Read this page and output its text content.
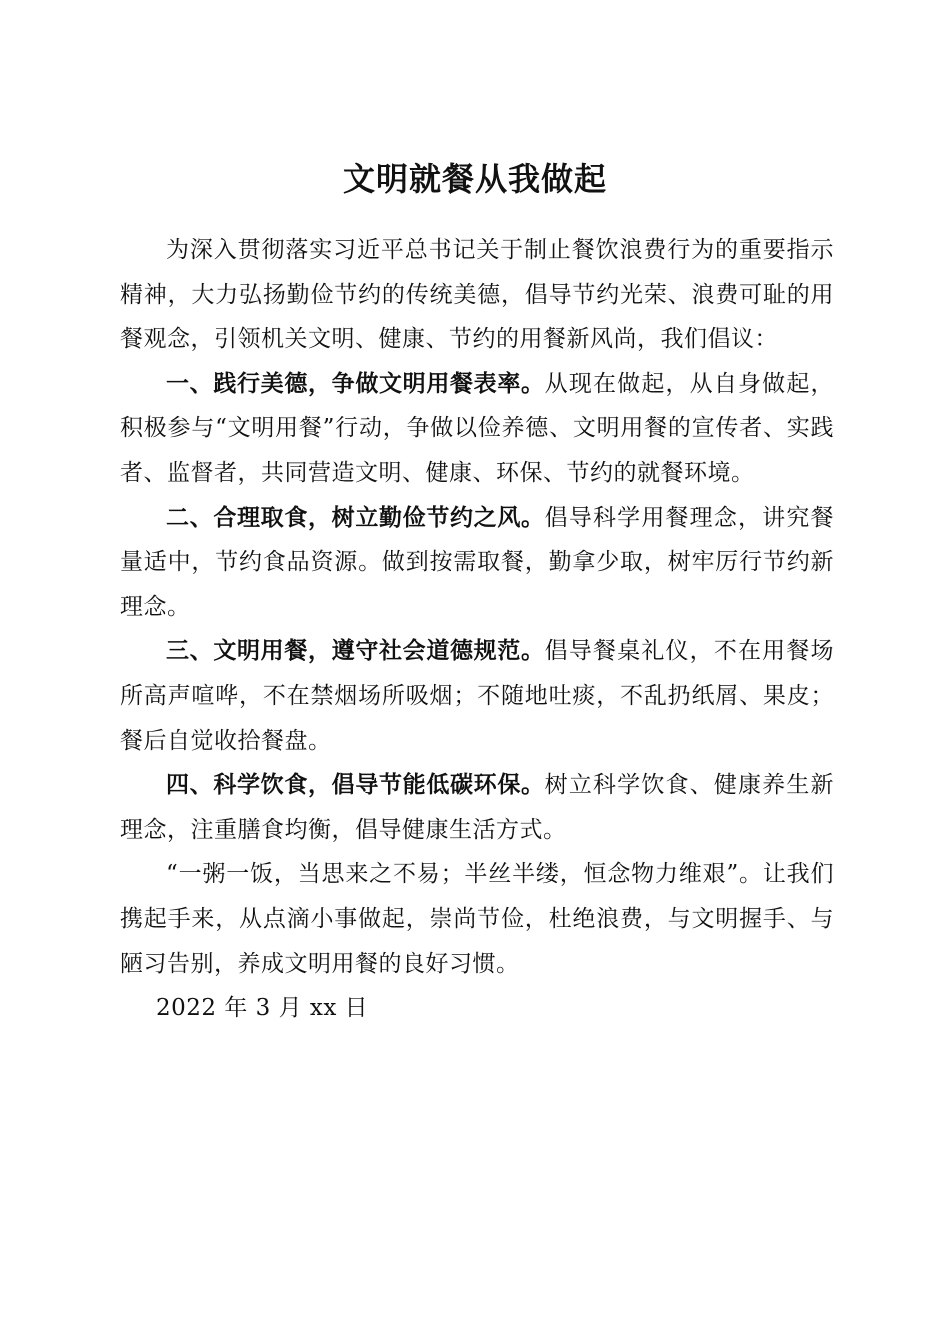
文明就餐从我做起

为深入贯彻落实习近平总书记关于制止餐饮浪费行为的重要指示精神，大力弘扬勤俭节约的传统美德，倡导节约光荣、浪费可耻的用餐观念，引领机关文明、健康、节约的用餐新风尚，我们倡议：

一、践行美德，争做文明用餐表率。从现在做起，从自身做起，积极参与“文明用餐”行动，争做以俭养德、文明用餐的宣传者、实践者、监督者，共同营造文明、健康、环保、节约的就餐环境。

二、合理取食，树立勤俭节约之风。倡导科学用餐理念，讲究餐量适中，节约食品资源。做到按需取餐，勤拿少取，树牢厉行节约新理念。

三、文明用餐，遵守社会道德规范。倡导餐桌礼仪，不在用餐场所高声喧哗，不在禁烟场所吸烟；不随地吐痰，不乱扔纸屑、果皮；餐后自觉收拾餐盘。

四、科学饮食，倡导节能低碳环保。树立科学饮食、健康养生新理念，注重膳食均衡，倡导健康生活方式。

“一粥一饭，当思来之不易；半丝半缕，恒念物力维艰”。让我们携起手来，从点滴小事做起，崇尚节俭，杜绝浪费，与文明握手、与陋习告别，养成文明用餐的良好习惯。

2022 年 3 月 xx 日
